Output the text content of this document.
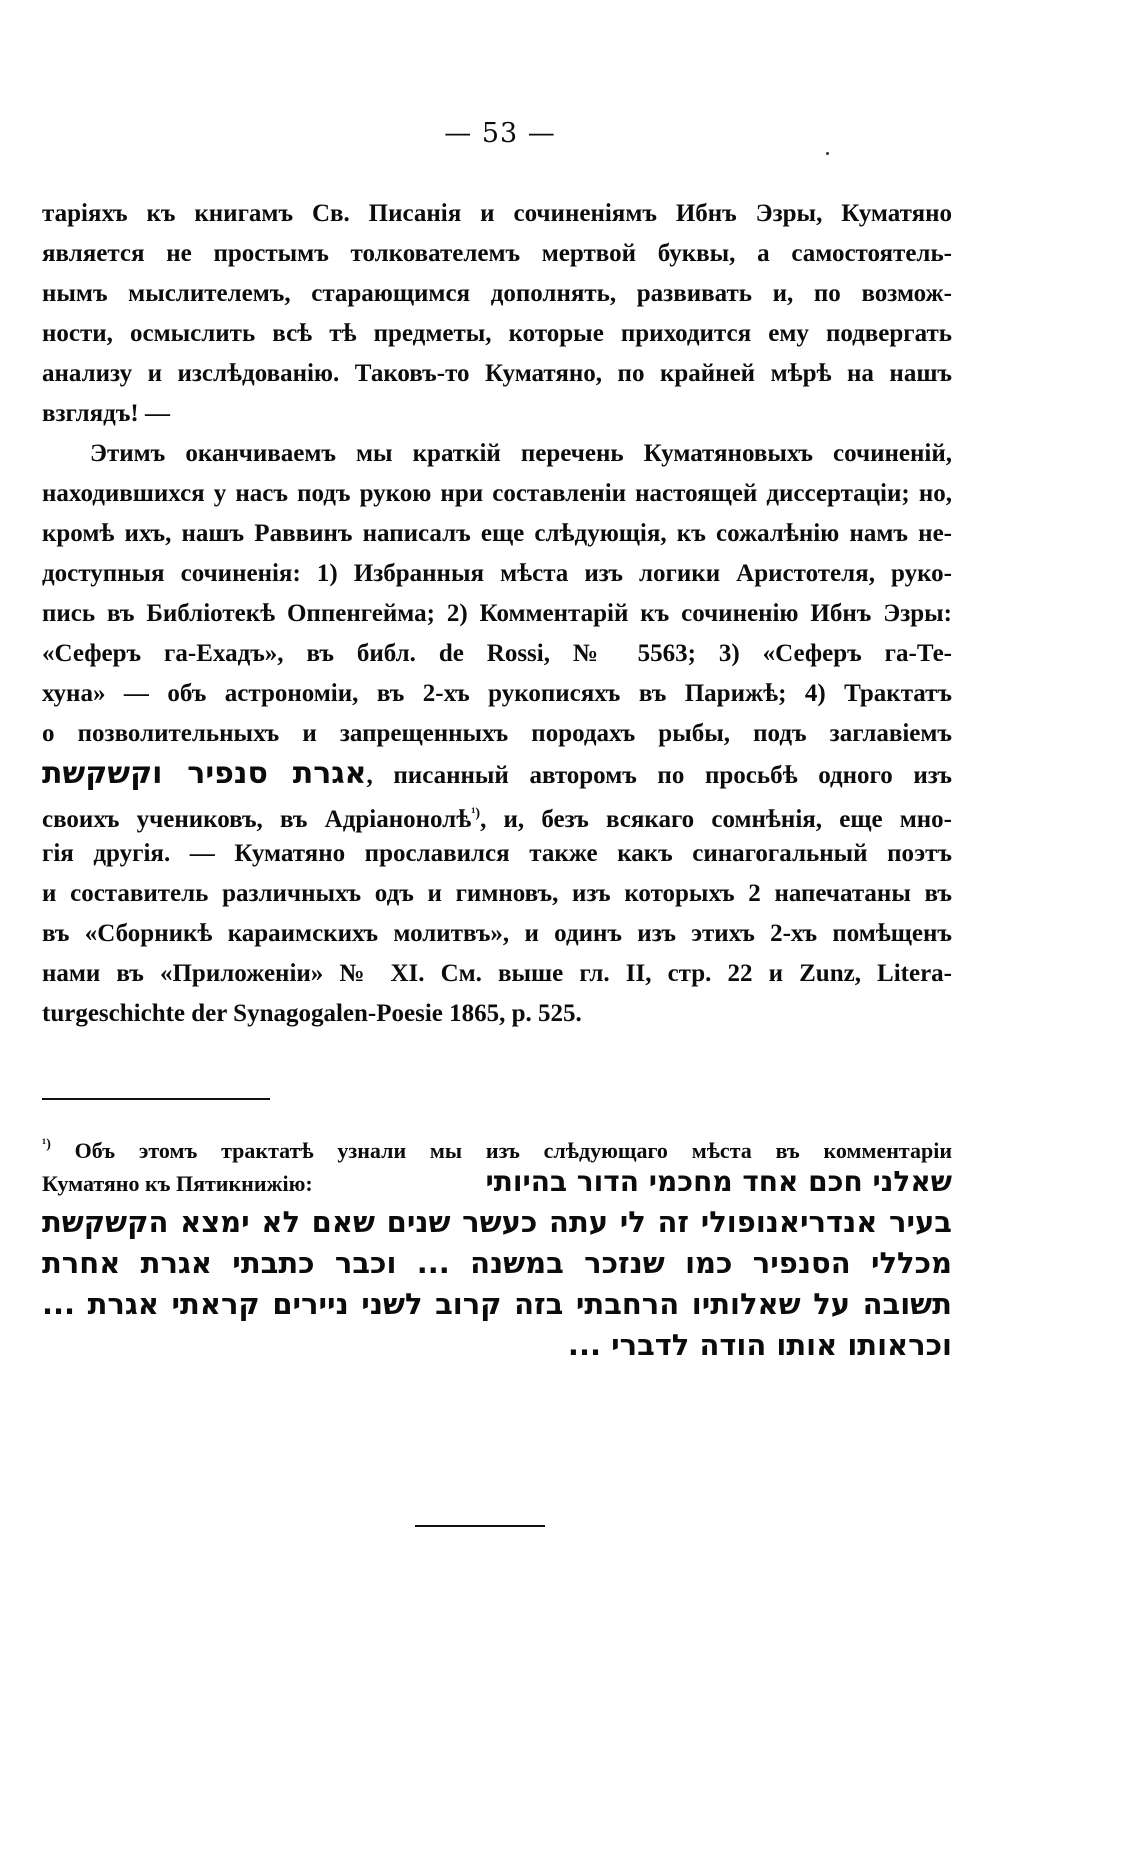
— 53 —
таріяхъ къ книгамъ Св. Писанія и сочиненіямъ Ибнъ Эзры, Куматяно
является не простымъ толкователемъ мертвой буквы, а самостоятель-
нымъ мыслителемъ, старающимся дополнять, развивать и, по возмож-
ности, осмыслить всѣ тѣ предметы, которые приходится ему подвергать
анализу и изслѣдованію. Таковъ-то Куматяно, по крайней мѣрѣ на нашъ
взглядъ! —
Этимъ оканчиваемъ мы краткій перечень Куматяновыхъ сочиненій,
находившихся у насъ подъ рукою нри составленіи настоящей диссертаціи; но,
кромѣ ихъ, нашъ Раввинъ написалъ еще слѣдующія, къ сожалѣнію намъ не-
доступныя сочиненія: 1) Избранныя мѣста изъ логики Аристотеля, руко-
пись въ Библіотекѣ Оппенгейма; 2) Комментарій къ сочиненію Ибнъ Эзры:
«Сеферъ га-Ехадъ», въ библ. de Rossi, № 5563; 3) «Сеферъ га-Те-
хуна» — объ астрономіи, въ 2-хъ рукописяхъ въ Парижѣ; 4) Трактатъ
о позволительныхъ и запрещенныхъ породахъ рыбы, подъ заглавіемъ
אגרת סנפיר וקשקשת, писанный авторомъ по просьбѣ одного изъ
своихъ учениковъ, въ Адріанонолѣ$^{^1)}$, и, безъ всякаго сомнѣнія, еще мно-
гія другія. — Куматяно прославился также какъ синагогальный поэтъ
и составитель различныхъ одъ и гимновъ, изъ которыхъ 2 напечатаны въ
въ «Сборникѣ караимскихъ молитвъ», и одинъ изъ этихъ 2-хъ помѣщенъ
нами въ «Приложеніи» № XI. См. выше гл. II, стр. 22 и Zunz, Litera-
turgeschichte der Synagogalen-Poesie 1865, p. 525.
$^{^1)}$ Объ этомъ трактатѣ узнали мы изъ слѣдующаго мѣста въ комментаріи
Куматяно къ Пятикнижію:	שאלני חכם אחד מחכמי הדור בהיותי
בעיר אנדריאנופולי זה לי עתה כעשר שנים שאם לא ימצא הקשקשת
מכללי הסנפיר כמו שנזכר במשנה ... וכבר כתבתי אגרת אחרת
תשובה על שאלותיו הרחבתי בזה קרוב לשני ניירים קראתי אגרת ...
וכראותו אותו הודה לדברי ...
